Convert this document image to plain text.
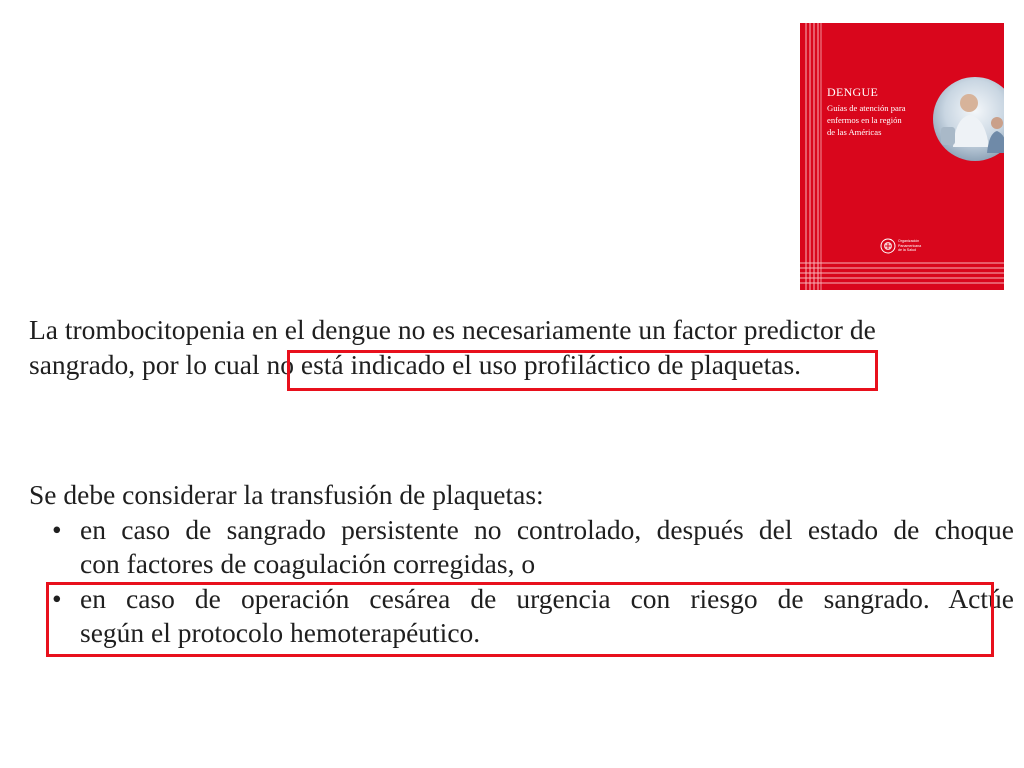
DENGUE
Guías de atención para
enfermos en la región
de las Américas
Organización
Panamericana
de la Salud
La trombocitopenia en el dengue no es necesariamente un factor predictor de
sangrado, por lo cual no está indicado el uso profiláctico de plaquetas.
Se debe considerar la transfusión de plaquetas:
• en caso de sangrado persistente no controlado, después del estado de choque
con factores de coagulación corregidas, o
• en caso de operación cesárea de urgencia con riesgo de sangrado. Actúe
según el protocolo hemoterapéutico.
